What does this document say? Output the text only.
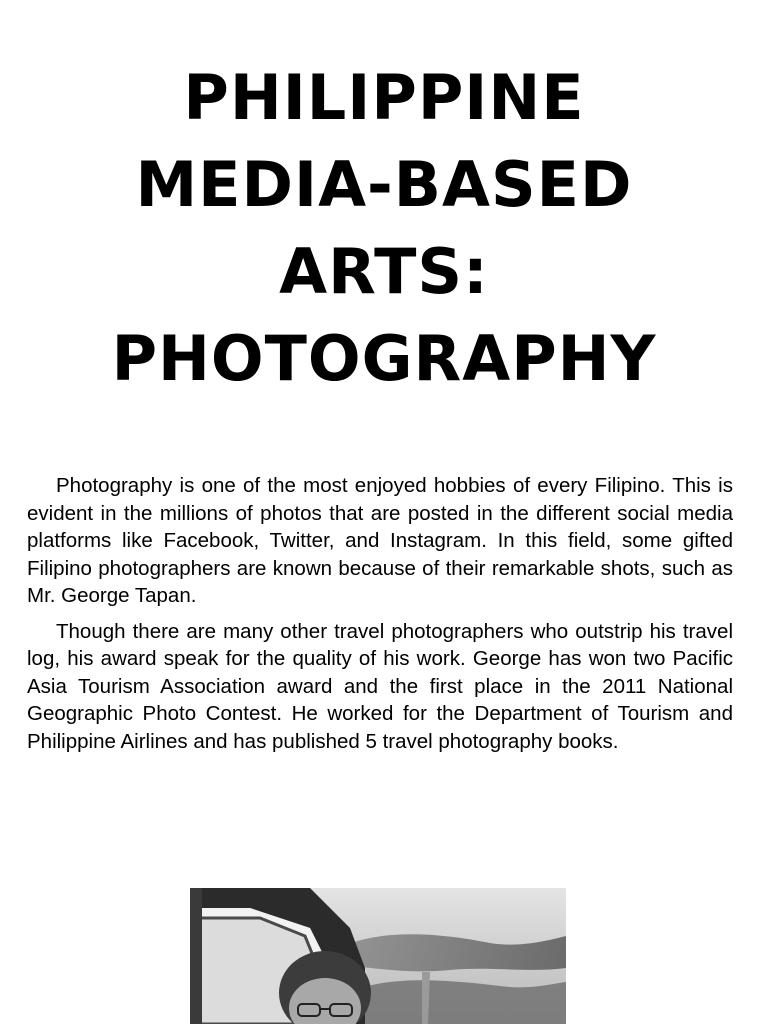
PHILIPPINE
MEDIA-BASED
ARTS:
PHOTOGRAPHY

Photography is one of the most enjoyed hobbies of every Filipino. This is evident in the millions of photos that are posted in the different social media platforms like Facebook, Twitter, and Instagram. In this field, some gifted Filipino photographers are known because of their remarkable shots, such as Mr. George Tapan.

Though there are many other travel photographers who outstrip his travel log, his award speak for the quality of his work. George has won two Pacific Asia Tourism Association award and the first place in the 2011 National Geographic Photo Contest. He worked for the Department of Tourism and Philippine Airlines and has published 5 travel photography books.
